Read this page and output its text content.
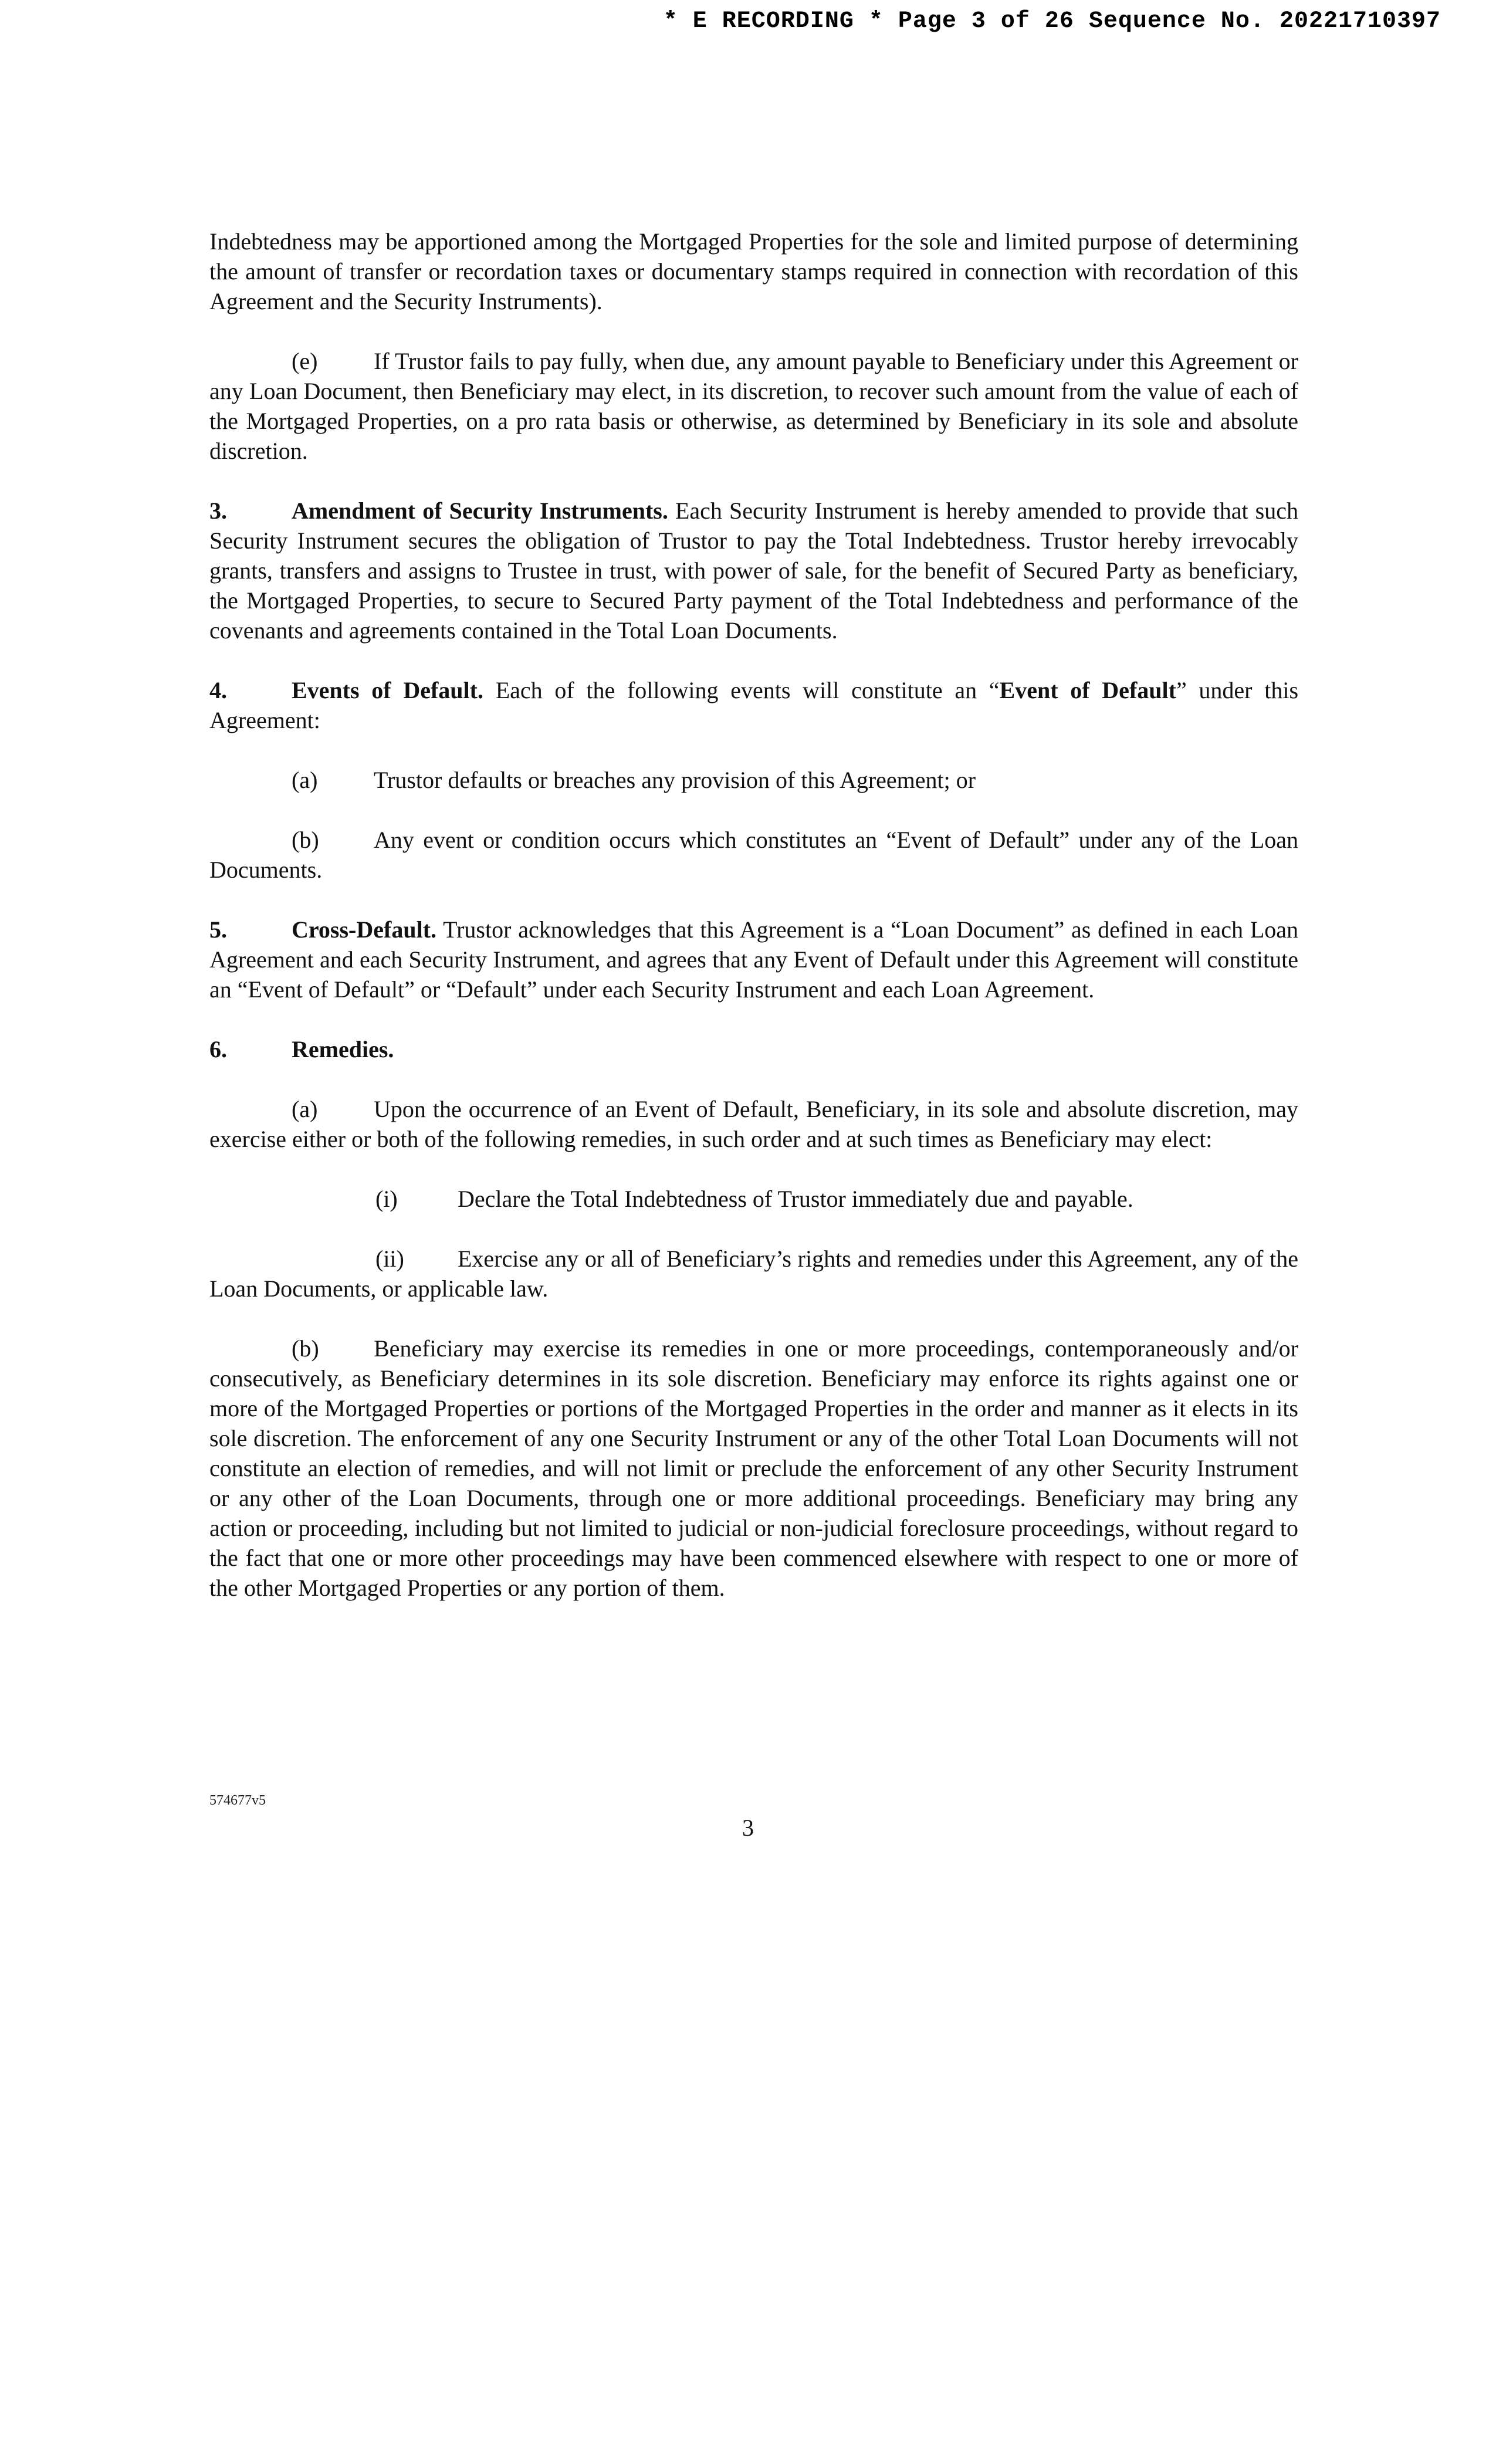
* E RECORDING * Page 3 of 26 Sequence No. 20221710397

Indebtedness may be apportioned among the Mortgaged Properties for the sole and limited purpose of determining the amount of transfer or recordation taxes or documentary stamps required in connection with recordation of this Agreement and the Security Instruments).

(e) If Trustor fails to pay fully, when due, any amount payable to Beneficiary under this Agreement or any Loan Document, then Beneficiary may elect, in its discretion, to recover such amount from the value of each of the Mortgaged Properties, on a pro rata basis or otherwise, as determined by Beneficiary in its sole and absolute discretion.

3.	Amendment of Security Instruments. Each Security Instrument is hereby amended to provide that such Security Instrument secures the obligation of Trustor to pay the Total Indebtedness. Trustor hereby irrevocably grants, transfers and assigns to Trustee in trust, with power of sale, for the benefit of Secured Party as beneficiary, the Mortgaged Properties, to secure to Secured Party payment of the Total Indebtedness and performance of the covenants and agreements contained in the Total Loan Documents.

4.	Events of Default. Each of the following events will constitute an “Event of Default” under this Agreement:

(a) Trustor defaults or breaches any provision of this Agreement; or

(b) Any event or condition occurs which constitutes an “Event of Default” under any of the Loan Documents.

5.	Cross-Default. Trustor acknowledges that this Agreement is a “Loan Document” as defined in each Loan Agreement and each Security Instrument, and agrees that any Event of Default under this Agreement will constitute an “Event of Default” or “Default” under each Security Instrument and each Loan Agreement.

6.	Remedies.

(a) Upon the occurrence of an Event of Default, Beneficiary, in its sole and absolute discretion, may exercise either or both of the following remedies, in such order and at such times as Beneficiary may elect:

(i)	Declare the Total Indebtedness of Trustor immediately due and payable.

(ii) Exercise any or all of Beneficiary’s rights and remedies under this Agreement, any of the Loan Documents, or applicable law.

(b) Beneficiary may exercise its remedies in one or more proceedings, contemporaneously and/or consecutively, as Beneficiary determines in its sole discretion. Beneficiary may enforce its rights against one or more of the Mortgaged Properties or portions of the Mortgaged Properties in the order and manner as it elects in its sole discretion. The enforcement of any one Security Instrument or any of the other Total Loan Documents will not constitute an election of remedies, and will not limit or preclude the enforcement of any other Security Instrument or any other of the Loan Documents, through one or more additional proceedings. Beneficiary may bring any action or proceeding, including but not limited to judicial or non-judicial foreclosure proceedings, without regard to the fact that one or more other proceedings may have been commenced elsewhere with respect to one or more of the other Mortgaged Properties or any portion of them.

574677v5
3
